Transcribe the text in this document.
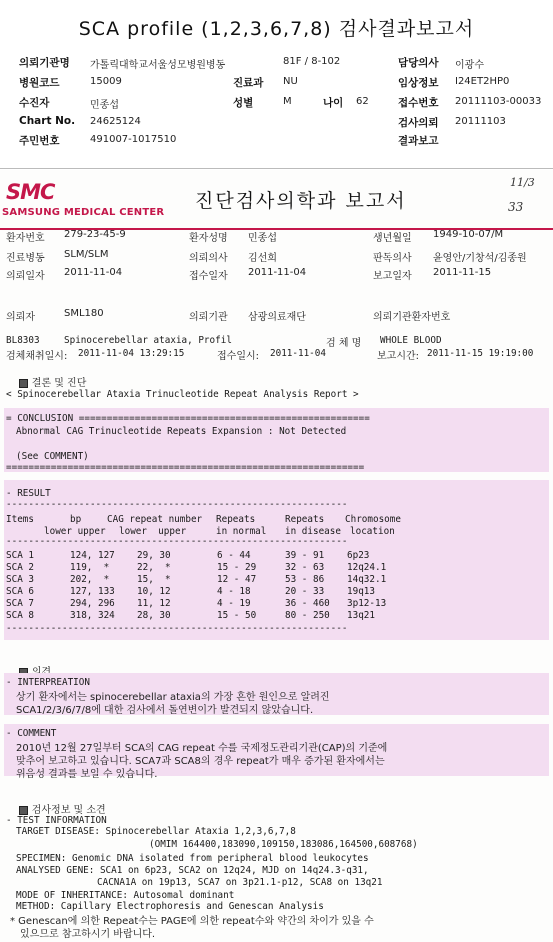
SCA profile (1,2,3,6,7,8) 검사결과보고서
의뢰기관명 가톨릭대학교서울성모병원병동	81F / 8-102	담당의사 이광수
병원코드	15009	진료과 NU	임상정보 I24ET2HP0
수진자	민종섭	성별	M	나이 62	접수번호 20111103-00033
Chart No. 24625124	검사의뢰 20111103
주민번호	491007-1017510	결과보고
SMC
SAMSUNG MEDICAL CENTER
진단검사의학과 보고서
11/3
33
환자번호 279-23-45-9	환자성명 민종섭	생년월일 1949-10-07/M
진료병동 SLM/SLM	의뢰의사 김선희	판독의사 윤영안/기창석/김종원
의뢰일자 2011-11-04	접수일자 2011-11-04	보고일자 2011-11-15
의뢰자	SML180	의뢰기관 삼광의료재단	의뢰기관환자번호
BL8303	Spinocerebellar ataxia, Profil	검 체 명 WHOLE BLOOD
검체채취일시: 2011-11-04 13:29:15	접수일시: 2011-11-04	보고시간: 2011-11-15 19:19:00

결론 및 진단

< Spinocerebellar Ataxia Trinucleotide Repeat Analysis Report >
= CONCLUSION ====================================================
Abnormal CAG Trinucleotide Repeats Expansion : Not Detected
(See COMMENT)
================================================================
- RESULT
-------------------------------------------------------------
Items	bp	CAG repeat number Repeats	Repeats Chromosome
lower upper lower  upper	in normal in disease location
-------------------------------------------------------------
SCA 1	124, 127	29, 30	6 - 44	39 - 91	6p23
SCA 2	119,  *	22,  *	15 - 29	32 - 63	12q24.1
SCA 3	202,  *	15,  *	12 - 47	53 - 86	14q32.1
SCA 6	127, 133	10, 12	4 - 18	20 - 33	19q13
SCA 7	294, 296	11, 12	4 - 19	36 - 460	3p12-13
SCA 8	318, 324	28, 30	15 - 50	80 - 250	13q21
-------------------------------------------------------------

- INTERPREATION
상기 환자에서는 spinocerebellar ataxia의 가장 흔한 원인으로 알려진
SCA1/2/3/6/7/8에 대한 검사에서 돌연변이가 발견되지 않았습니다.
- COMMENT
2010년 12월 27일부터 SCA의 CAG repeat 수를 국제정도관리기관(CAP)의 기준에
맞추어 보고하고 있습니다. SCA7과 SCA8의 경우 repeat가 매우 증가된 환자에서는
위음성 결과를 보일 수 있습니다.

검사정보 및 소견

- TEST INFORMATION
TARGET DISEASE: Spinocerebellar Ataxia 1,2,3,6,7,8
(OMIM 164400,183090,109150,183086,164500,608768)
SPECIMEN: Genomic DNA isolated from peripheral blood leukocytes
ANALYSED GENE: SCA1 on 6p23, SCA2 on 12q24, MJD on 14q24.3-q31,
CACNA1A on 19p13, SCA7 on 3p21.1-p12, SCA8 on 13q21
MODE OF INHERITANCE: Autosomal dominant
METHOD: Capillary Electrophoresis and Genescan Analysis
* Genescan에 의한 Repeat수는 PAGE에 의한 repeat수와 약간의 차이가 있을 수
있으므로 참고하시기 바랍니다.
